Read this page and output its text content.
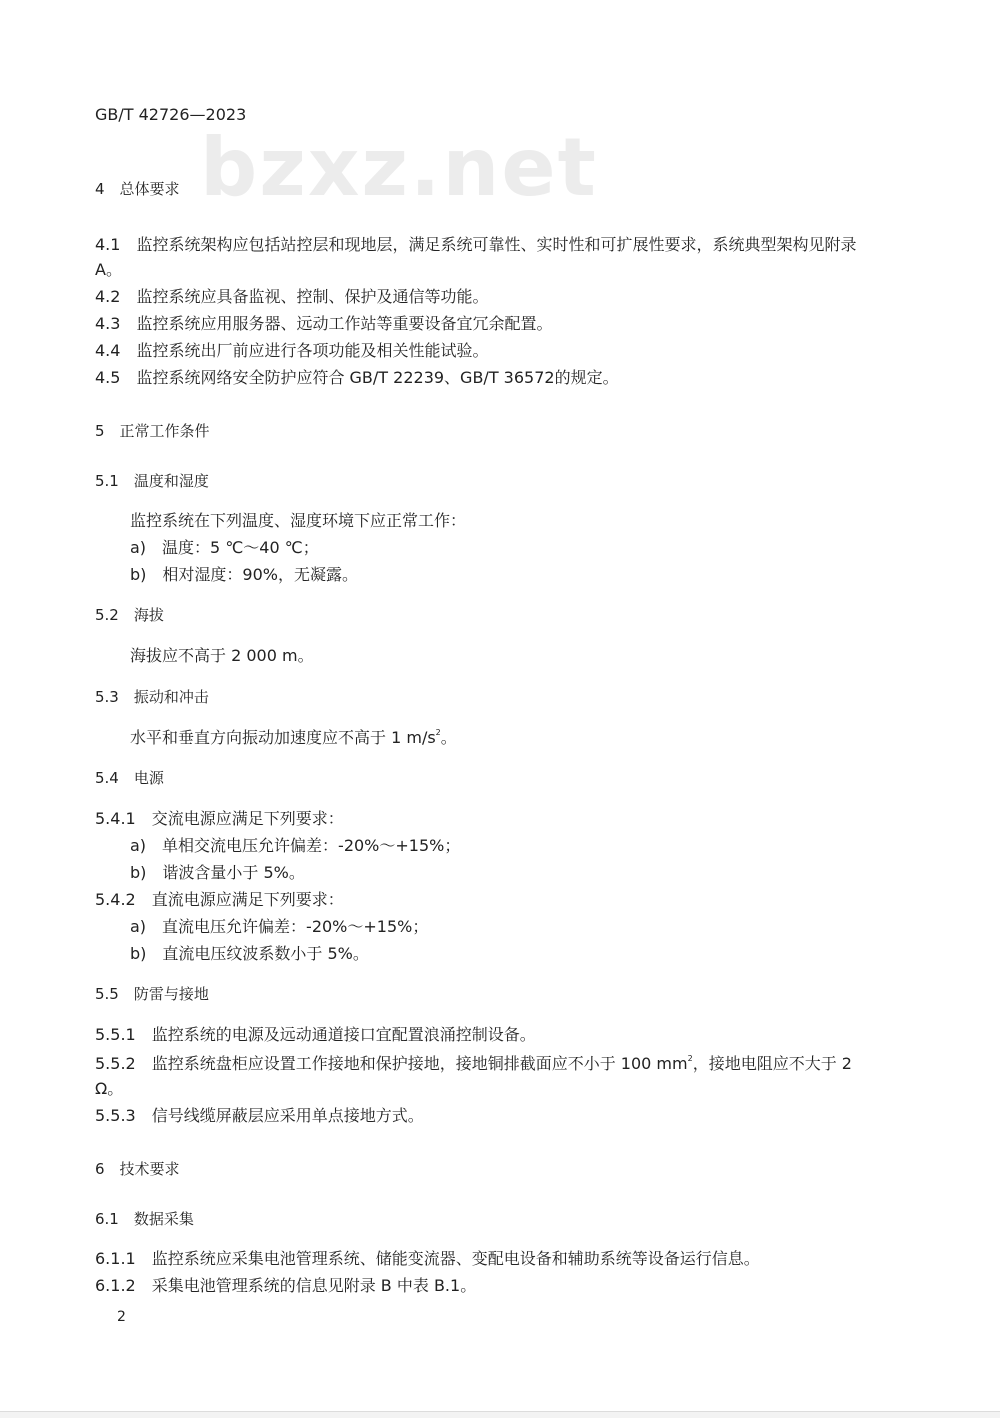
bzxz.net
GB/T 42726—2023
4　总体要求
4.1　 监控系统架构应包括站控层和现地层，满足系统可靠性、实时性和可扩展性要求，系统典型架构见附录 A。
4.2　监控系统应具备监视、控制、保护及通信等功能。
4.3　监控系统应用服务器、远动工作站等重要设备宜冗余配置。
4.4　监控系统出厂前应进行各项功能及相关性能试验。
4.5　监控系统网络安全防护应符合 GB/T 22239、GB/T 36572的规定。
5　正常工作条件
5.1　温度和湿度
监控系统在下列温度、湿度环境下应正常工作：
a)　温度：5 ℃～40 ℃；
b)　相对湿度：90%，无凝露。
5.2　海拔
海拔应不高于 2 000 m。
5.3　振动和冲击
水平和垂直方向振动加速度应不高于 1 $m/s^2$。
5.4　电源
5.4.1　交流电源应满足下列要求：
a)　单相交流电压允许偏差：-20%～+15%；
b)　谐波含量小于 5%。
5.4.2　直流电源应满足下列要求：
a)　直流电压允许偏差：-20%～+15%；
b)　直流电压纹波系数小于 5%。
5.5　防雷与接地
5.5.1　监控系统的电源及远动通道接口宜配置浪涌控制设备。
5.5.2　监控系统盘柜应设置工作接地和保护接地，接地铜排截面应不小于 100 $mm^2$，接地电阻应不大于 2 Ω。
5.5.3　信号线缆屏蔽层应采用单点接地方式。
6　技术要求
6.1　数据采集
6.1.1　监控系统应采集电池管理系统、储能变流器、变配电设备和辅助系统等设备运行信息。
6.1.2　采集电池管理系统的信息见附录 B 中表 B.1。
2
